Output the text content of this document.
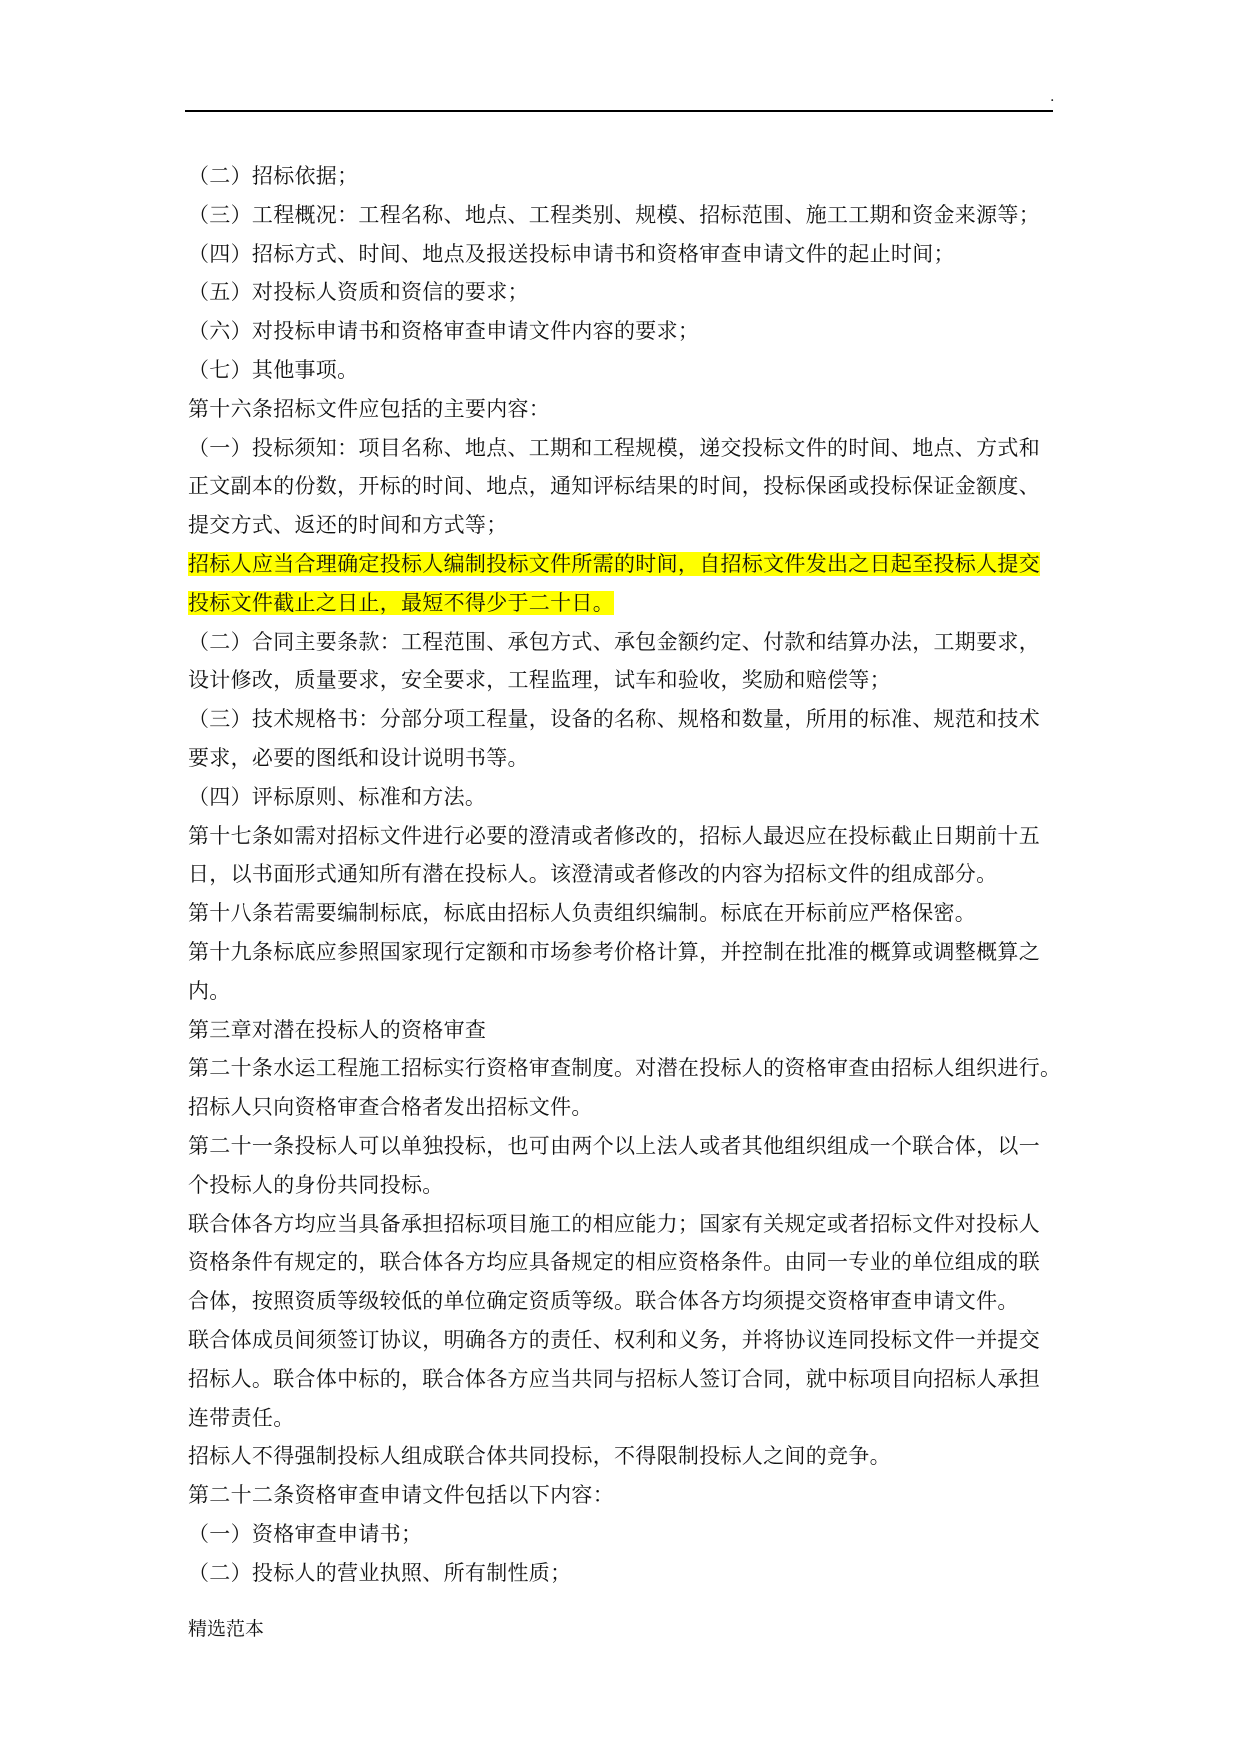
.

（二）招标依据；

（三）工程概况：工程名称、地点、工程类别、规模、招标范围、施工工期和资金来源等；

（四）招标方式、时间、地点及报送投标申请书和资格审查申请文件的起止时间；

（五）对投标人资质和资信的要求；

（六）对投标申请书和资格审查申请文件内容的要求；

（七）其他事项。

第十六条招标文件应包括的主要内容：

（一）投标须知：项目名称、地点、工期和工程规模，递交投标文件的时间、地点、方式和

正文副本的份数，开标的时间、地点，通知评标结果的时间，投标保函或投标保证金额度、

提交方式、返还的时间和方式等；

招标人应当合理确定投标人编制投标文件所需的时间，自招标文件发出之日起至投标人提交

投标文件截止之日止，最短不得少于二十日。

（二）合同主要条款：工程范围、承包方式、承包金额约定、付款和结算办法，工期要求，

设计修改，质量要求，安全要求，工程监理，试车和验收，奖励和赔偿等；

（三）技术规格书：分部分项工程量，设备的名称、规格和数量，所用的标准、规范和技术

要求，必要的图纸和设计说明书等。

（四）评标原则、标准和方法。

第十七条如需对招标文件进行必要的澄清或者修改的，招标人最迟应在投标截止日期前十五

日，以书面形式通知所有潜在投标人。该澄清或者修改的内容为招标文件的组成部分。

第十八条若需要编制标底，标底由招标人负责组织编制。标底在开标前应严格保密。

第十九条标底应参照国家现行定额和市场参考价格计算，并控制在批准的概算或调整概算之

内。

第三章对潜在投标人的资格审查

第二十条水运工程施工招标实行资格审查制度。对潜在投标人的资格审查由招标人组织进行。

招标人只向资格审查合格者发出招标文件。

第二十一条投标人可以单独投标，也可由两个以上法人或者其他组织组成一个联合体，以一

个投标人的身份共同投标。

联合体各方均应当具备承担招标项目施工的相应能力；国家有关规定或者招标文件对投标人

资格条件有规定的，联合体各方均应具备规定的相应资格条件。由同一专业的单位组成的联

合体，按照资质等级较低的单位确定资质等级。联合体各方均须提交资格审查申请文件。

联合体成员间须签订协议，明确各方的责任、权利和义务，并将协议连同投标文件一并提交

招标人。联合体中标的，联合体各方应当共同与招标人签订合同，就中标项目向招标人承担

连带责任。

招标人不得强制投标人组成联合体共同投标，不得限制投标人之间的竞争。

第二十二条资格审查申请文件包括以下内容：

（一）资格审查申请书；

（二）投标人的营业执照、所有制性质；

精选范本
